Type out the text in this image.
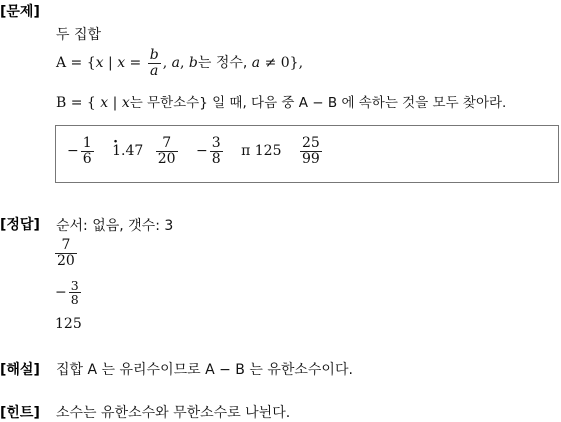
[문제]
두 집합
A = {x | $x = \frac{b}{a}$ , a, b는 정수, a ≠ 0},
B = { x | x는 무한소수} 일 때, 다음 중 A − B 에 속하는 것을 모두 찾아라.
− $\frac{1}{6}$
· $1.47 \frac{7}{20} - \frac{3}{8}$ π $125 \frac{25}{99}$
[정답] 순서: 없음, 갯수: 3
$\frac{7}{20}$
− $\frac{3}{8}$
125
[해설] 집합 A 는 유리수이므로 A − B 는 유한소수이다.
[힌트] 소수는 유한소수와 무한소수로 나뉜다.
